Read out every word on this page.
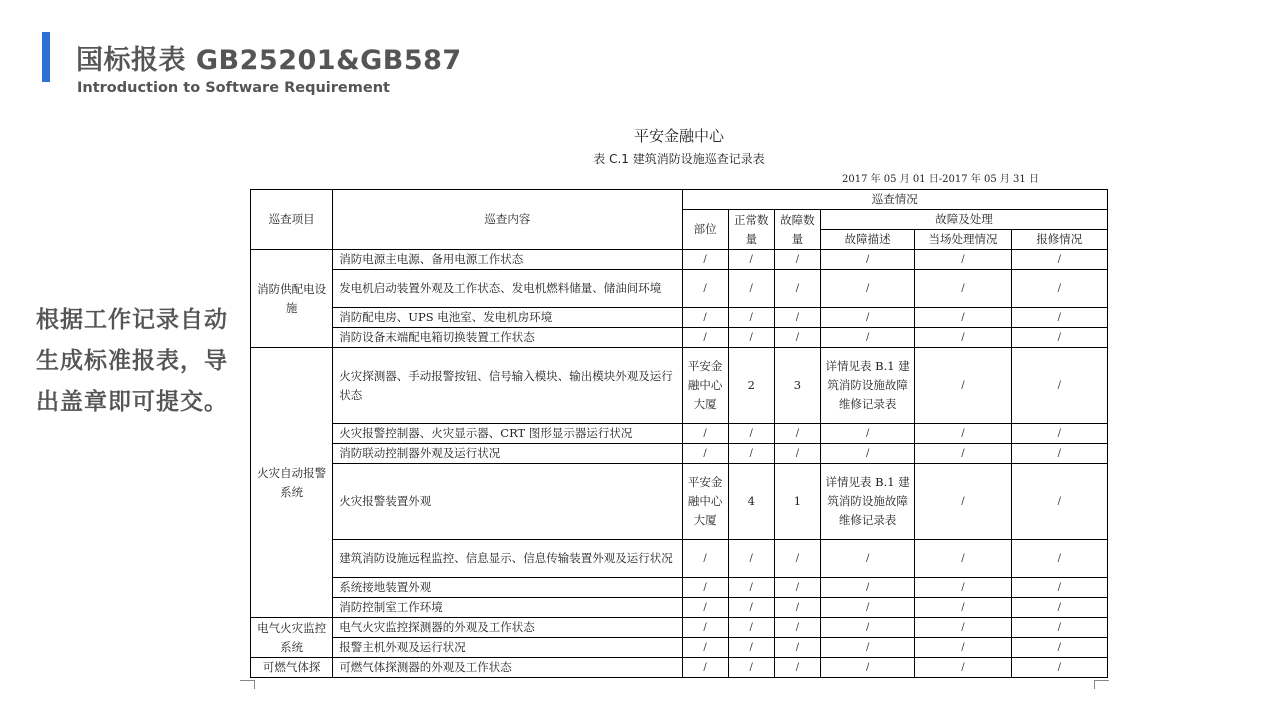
国标报表 GB25201&GB587
Introduction to Software Requirement
根据工作记录自动生成标准报表，导出盖章即可提交。
平安金融中心
表 C.1 建筑消防设施巡查记录表
2017 年 05 月 01 日-2017 年 05 月 31 日
巡查项目	巡查内容	巡查情况					
		部位	正常数量	故障数量	故障及处理		
					故障描述	当场处理情况	报修情况
消防供配电设施	消防电源主电源、备用电源工作状态	/	/	/	/	/	/
	发电机启动装置外观及工作状态、发电机燃料储量、储油间环境	/	/	/	/	/	/
	消防配电房、UPS 电池室、发电机房环境	/	/	/	/	/	/
	消防设备末端配电箱切换装置工作状态	/	/	/	/	/	/
火灾自动报警系统	火灾探测器、手动报警按钮、信号输入模块、输出模块外观及运行状态	平安金融中心大厦	2	3	详情见表 B.1 建筑消防设施故障维修记录表	/	/
	火灾报警控制器、火灾显示器、CRT 图形显示器运行状况	/	/	/	/	/	/
	消防联动控制器外观及运行状况	/	/	/	/	/	/
	火灾报警装置外观	平安金融中心大厦	4	1	详情见表 B.1 建筑消防设施故障维修记录表	/	/
	建筑消防设施远程监控、信息显示、信息传输装置外观及运行状况	/	/	/	/	/	/
	系统接地装置外观	/	/	/	/	/	/
	消防控制室工作环境	/	/	/	/	/	/
电气火灾监控系统	电气火灾监控探测器的外观及工作状态	/	/	/	/	/	/
	报警主机外观及运行状况	/	/	/	/	/	/
可燃气体探	可燃气体探测器的外观及工作状态	/	/	/	/	/	/
